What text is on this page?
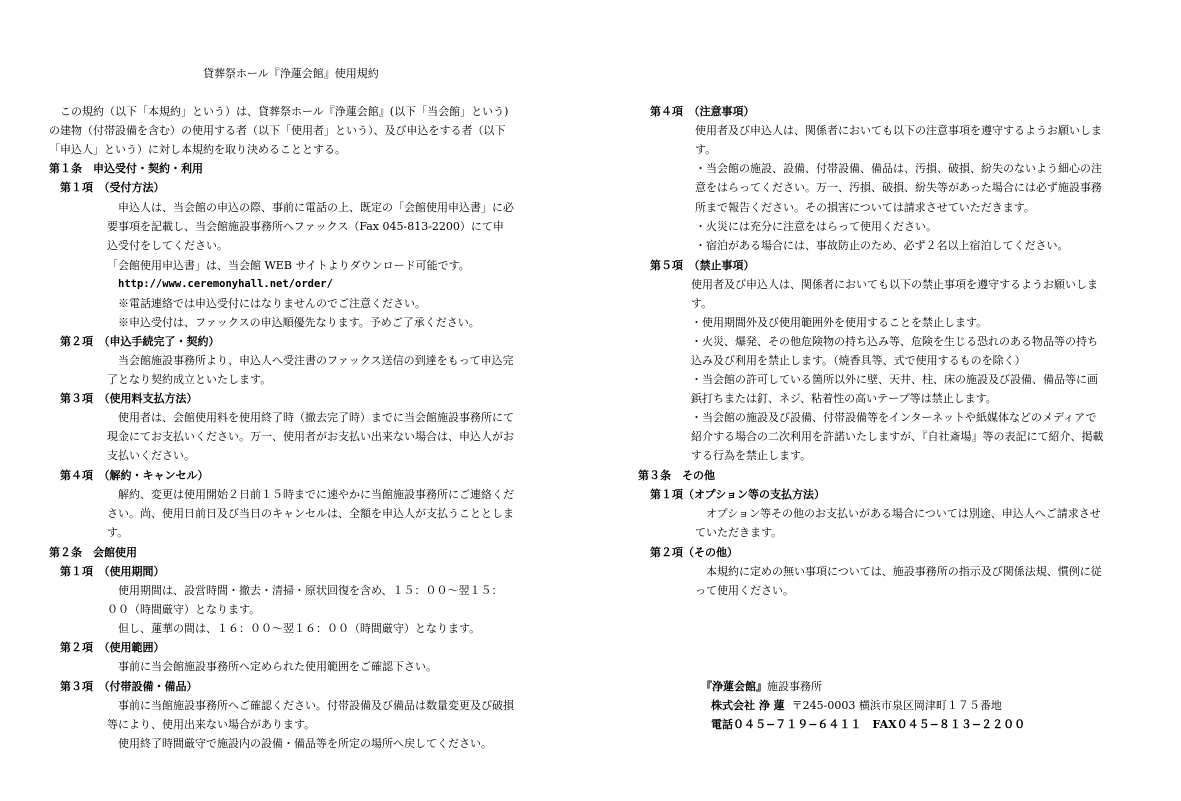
貸葬祭ホール『浄蓮会館』使用規約
この規約（以下「本規約」という）は、貸葬祭ホール『浄蓮会館』(以下「当会館」という)
の建物（付帯設備を含む）の使用する者（以下「使用者」という）、及び申込をする者（以下
「申込人」という）に対し本規約を取り決めることとする。
第１条　申込受付・契約・利用
第１項　（受付方法）
申込人は、当会館の申込の際、事前に電話の上、既定の「会館使用申込書」に必
要事項を記載し、当会館施設事務所へファックス（Fax 045-813-2200）にて申
込受付をしてください。
「会館使用申込書」は、当会館 WEB サイトよりダウンロード可能です。
http://www.ceremonyhall.net/order/
※電話連絡では申込受付にはなりませんのでご注意ください。
※申込受付は、ファックスの申込順優先なります。予めご了承ください。
第２項　（申込手続完了・契約）
当会館施設事務所より、申込人へ受注書のファックス送信の到達をもって申込完
了となり契約成立といたします。
第３項　（使用料支払方法）
使用者は、会館使用料を使用終了時（撤去完了時）までに当会館施設事務所にて
現金にてお支払いください。万一、使用者がお支払い出来ない場合は、申込人がお
支払いください。
第４項　（解約・キャンセル）
解約、変更は使用開始２日前１５時までに速やかに当館施設事務所にご連絡くだ
さい。尚、使用日前日及び当日のキャンセルは、全額を申込人が支払うこととしま
す。
第２条　会館使用
第１項　（使用期間）
使用期間は、設営時間・撤去・清掃・原状回復を含め、１５：００〜翌１５：
００（時間厳守）となります。
但し、蓮華の間は、１６：００〜翌１６：００（時間厳守）となります。
第２項　（使用範囲）
事前に当会館施設事務所へ定められた使用範囲をご確認下さい。
第３項　（付帯設備・備品）
事前に当館施設事務所へご確認ください。付帯設備及び備品は数量変更及び破損
等により、使用出来ない場合があります。
使用終了時間厳守で施設内の設備・備品等を所定の場所へ戻してください。
第４項　（注意事項）
使用者及び申込人は、関係者においても以下の注意事項を遵守するようお願いしま
す。
・当会館の施設、設備、付帯設備、備品は、汚損、破損、紛失のないよう細心の注
意をはらってください。万一、汚損、破損、紛失等があった場合には必ず施設事務
所まで報告ください。その損害については請求させていただきます。
・火災には充分に注意をはらって使用ください。
・宿泊がある場合には、事故防止のため、必ず２名以上宿泊してください。
第５項　（禁止事項）
使用者及び申込人は、関係者においても以下の禁止事項を遵守するようお願いしま
す。
・使用期間外及び使用範囲外を使用することを禁止します。
・火災、爆発、その他危険物の持ち込み等、危険を生じる恐れのある物品等の持ち
込み及び利用を禁止します。（焼香具等、式で使用するものを除く）
・当会館の許可している箇所以外に壁、天井、柱、床の施設及び設備、備品等に画
鋲打ちまたは釘、ネジ、粘着性の高いテープ等は禁止します。
・当会館の施設及び設備、付帯設備等をインターネットや紙媒体などのメディアで
紹介する場合の二次利用を許諾いたしますが、『自社斎場』等の表記にて紹介、掲載
する行為を禁止します。
第３条　その他
第１項（オプション等の支払方法）
オプション等その他のお支払いがある場合については別途、申込人へご請求させ
ていただきます。
第２項（その他）
本規約に定めの無い事項については、施設事務所の指示及び関係法規、慣例に従
って使用ください。
『浄蓮会館』施設事務所
株式会社 浄 蓮 〒245-0003 横浜市泉区岡津町１７５番地
電話０４５−７１９−６４１１　FAX０４５−８１３−２２００
